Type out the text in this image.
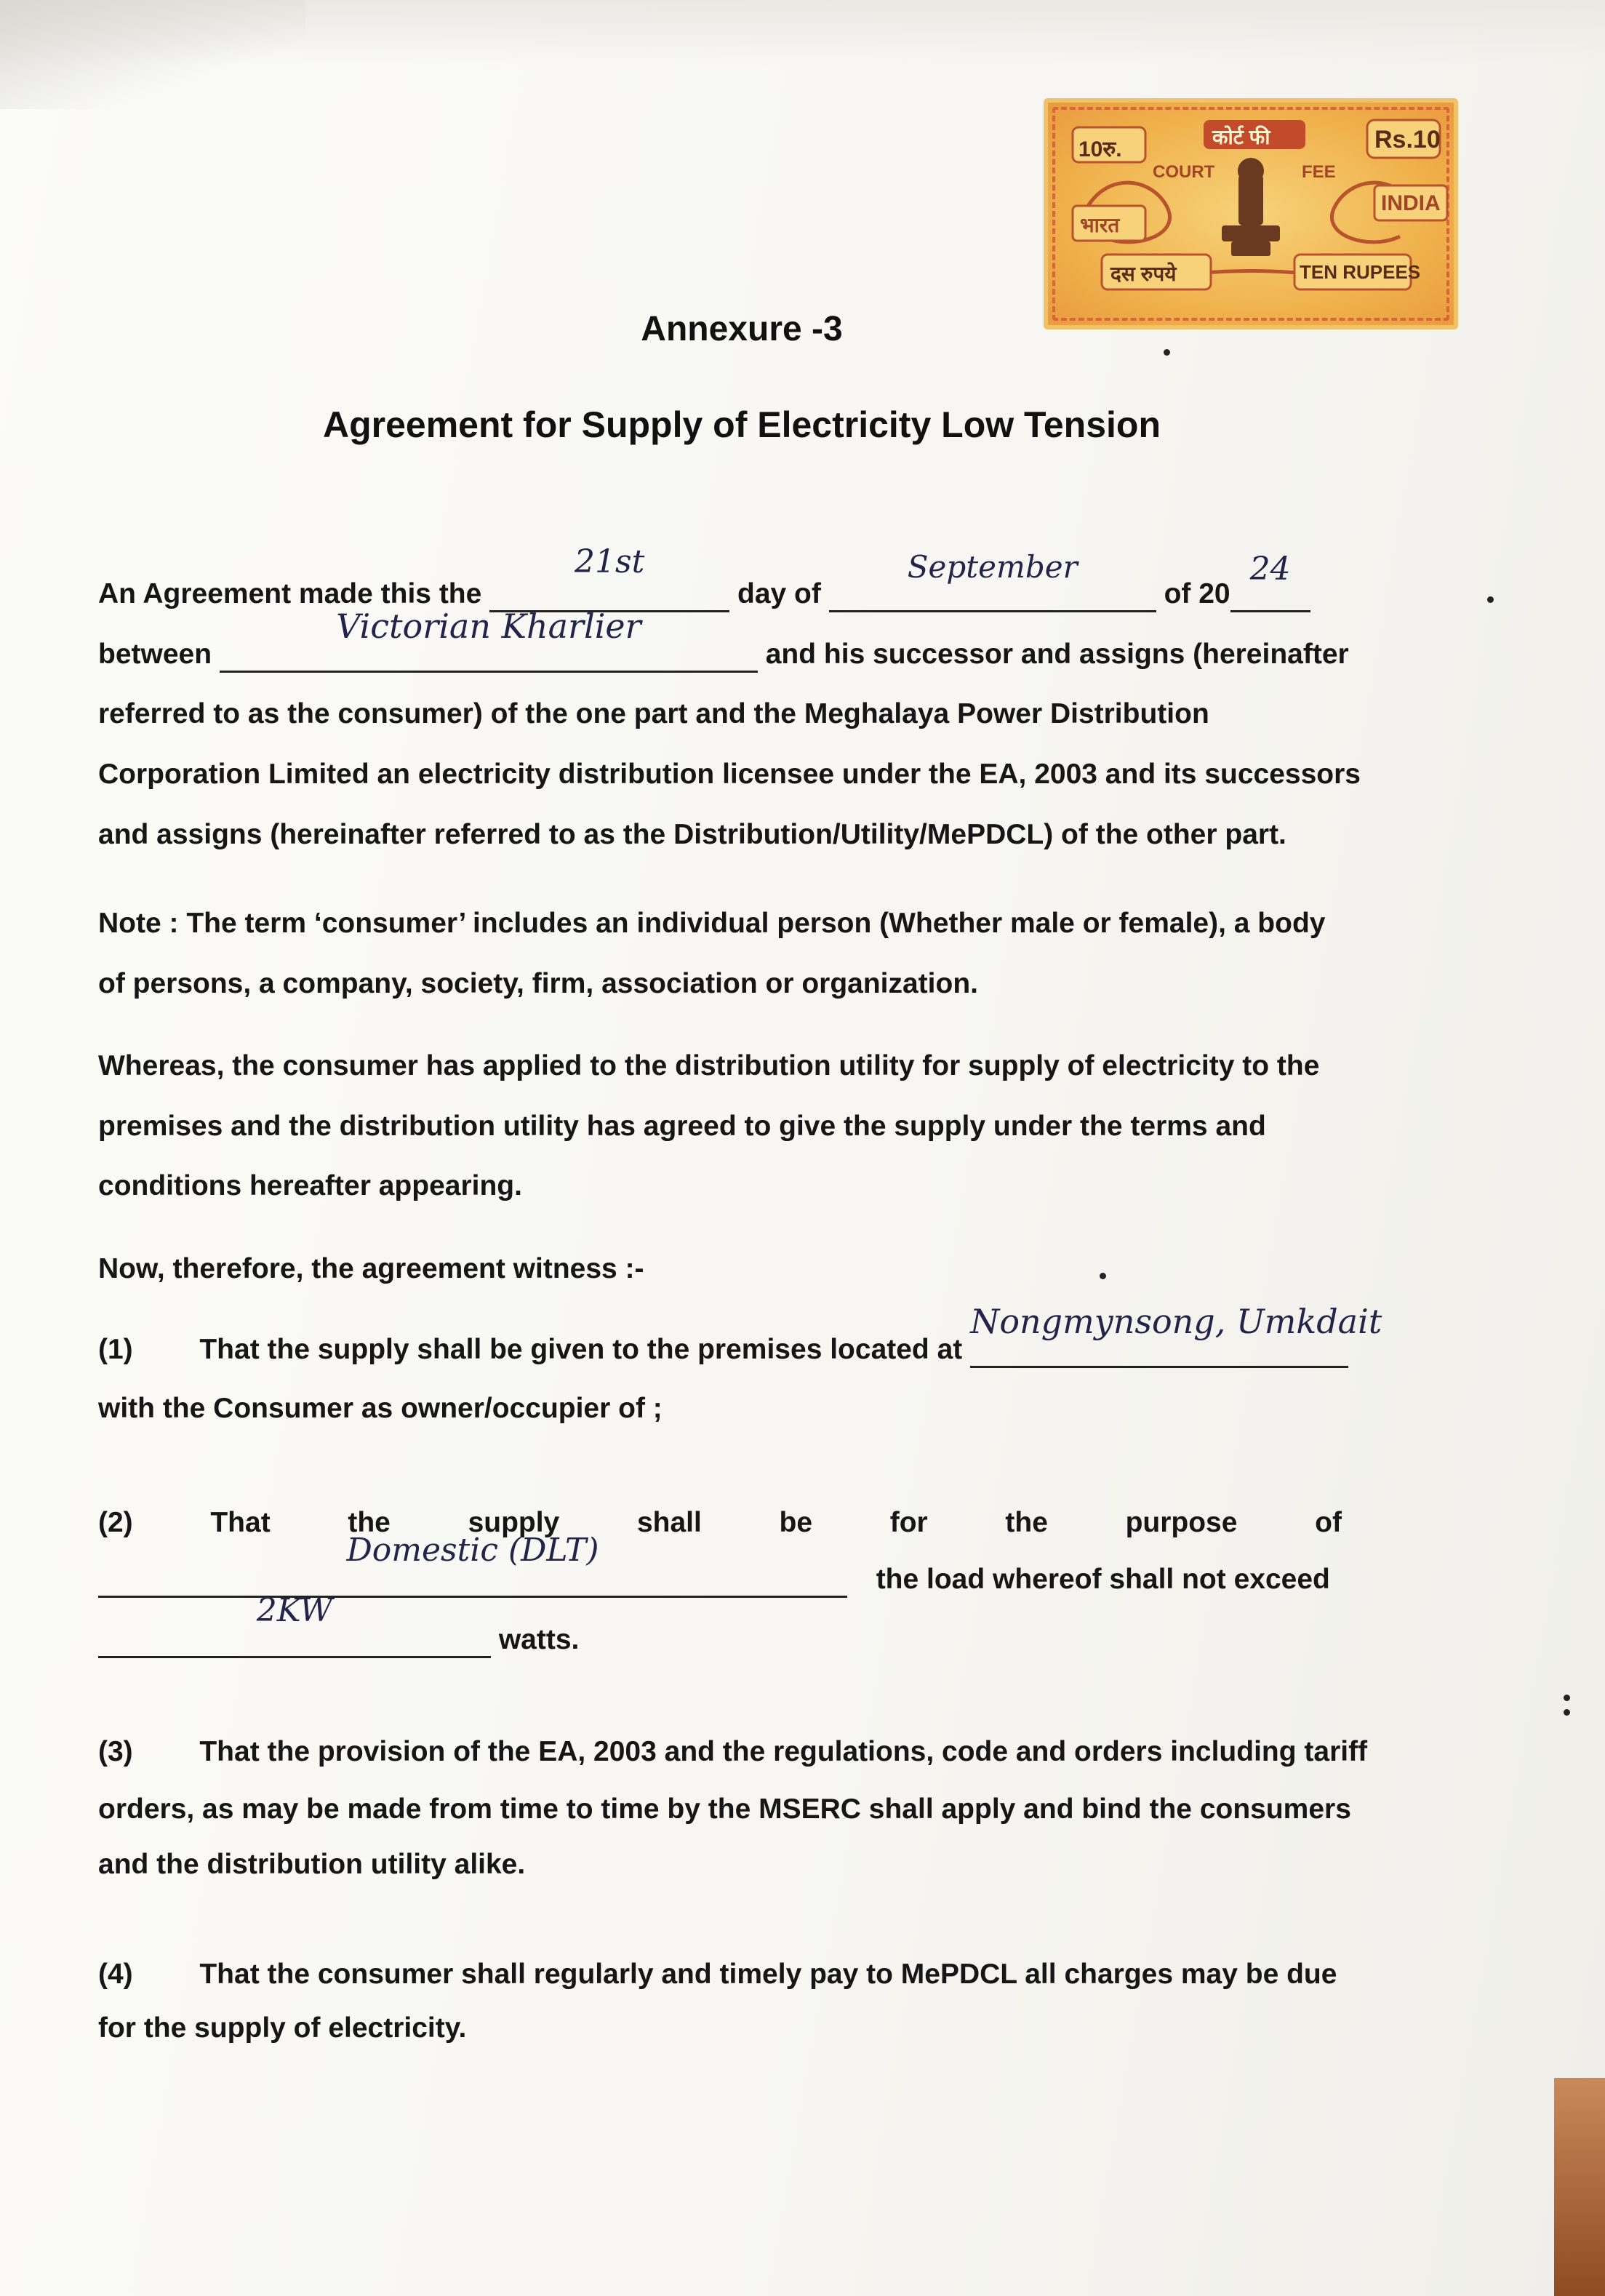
10रु.
कोर्ट फी	Rs.10
COURT	FEE
भारत
INDIA
दस रुपये	TEN RUPEES
Annexure -3
Agreement for Supply of Electricity Low Tension
An Agreement made this the
21st
day of
September
of 20
24
between
Victorian Kharlier
and his successor and assigns (hereinafter
referred to as the consumer) of the one part and the Meghalaya Power Distribution
Corporation Limited an electricity distribution licensee under the EA, 2003 and its successors
and assigns (hereinafter referred to as the Distribution/Utility/MePDCL) of the other part.
Note : The term ‘consumer’ includes an individual person (Whether male or female), a body
of persons, a company, society, firm, association or organization.
Whereas, the consumer has applied to the distribution utility for supply of electricity to the
premises and the distribution utility has agreed to give the supply under the terms and
conditions hereafter appearing.
Now, therefore, the agreement witness :-
(1) That the supply shall be given to the premises located at
Nongmynsong, Umkdait
with the Consumer as owner/occupier of ;
(2)	That	the	supply	shall	be	for	the	purpose	of

Domestic (DLT)
the load whereof shall not exceed

2KW
watts.
(3) That the provision of the EA, 2003 and the regulations, code and orders including tariff
orders, as may be made from time to time by the MSERC shall apply and bind the consumers
and the distribution utility alike.
(4) That the consumer shall regularly and timely pay to MePDCL all charges may be due
for the supply of electricity.
